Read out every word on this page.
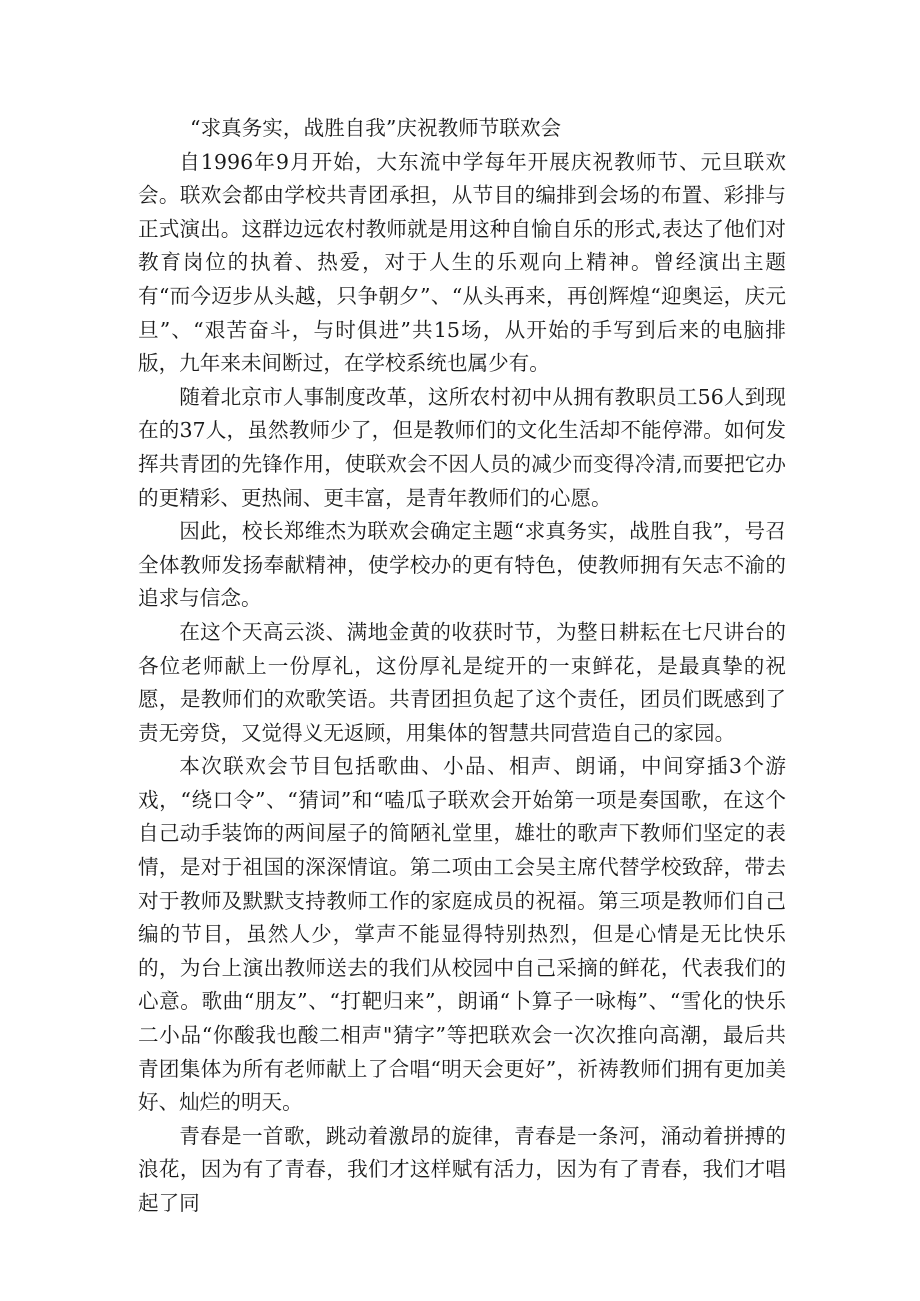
“求真务实，战胜自我”庆祝教师节联欢会

自1996年9月开始，大东流中学每年开展庆祝教师节、元旦联欢会。联欢会都由学校共青团承担，从节目的编排到会场的布置、彩排与正式演出。这群边远农村教师就是用这种自愉自乐的形式,表达了他们对教育岗位的执着、热爱，对于人生的乐观向上精神。曾经演出主题有“而今迈步从头越，只争朝夕”、“从头再来，再创辉煌“迎奥运，庆元旦”、“艰苦奋斗，与时俱进”共15场，从开始的手写到后来的电脑排版，九年来未间断过，在学校系统也属少有。

随着北京市人事制度改革，这所农村初中从拥有教职员工56人到现在的37人，虽然教师少了，但是教师们的文化生活却不能停滞。如何发挥共青团的先锋作用，使联欢会不因人员的减少而变得冷清,而要把它办的更精彩、更热闹、更丰富，是青年教师们的心愿。

因此，校长郑维杰为联欢会确定主题“求真务实，战胜自我”，号召全体教师发扬奉献精神，使学校办的更有特色，使教师拥有矢志不渝的追求与信念。

在这个天高云淡、满地金黄的收获时节，为整日耕耘在七尺讲台的各位老师献上一份厚礼，这份厚礼是绽开的一束鲜花，是最真挚的祝愿，是教师们的欢歌笑语。共青团担负起了这个责任，团员们既感到了责无旁贷，又觉得义无返顾，用集体的智慧共同营造自己的家园。

本次联欢会节目包括歌曲、小品、相声、朗诵，中间穿插3个游戏，“绕口令”、“猜词”和“嗑瓜子联欢会开始第一项是奏国歌，在这个自己动手装饰的两间屋子的简陋礼堂里，雄壮的歌声下教师们坚定的表情，是对于祖国的深深情谊。第二项由工会吴主席代替学校致辞，带去对于教师及默默支持教师工作的家庭成员的祝福。第三项是教师们自己编的节目，虽然人少，掌声不能显得特别热烈，但是心情是无比快乐的，为台上演出教师送去的我们从校园中自己采摘的鲜花，代表我们的心意。歌曲“朋友”、“打靶归来”，朗诵“卜算子一咏梅”、“雪化的快乐二小品“你酸我也酸二相声"猜字”等把联欢会一次次推向高潮，最后共青团集体为所有老师献上了合唱“明天会更好”，祈祷教师们拥有更加美好、灿烂的明天。

青春是一首歌，跳动着激昂的旋律，青春是一条河，涌动着拼搏的浪花，因为有了青春，我们才这样赋有活力，因为有了青春，我们才唱起了同
